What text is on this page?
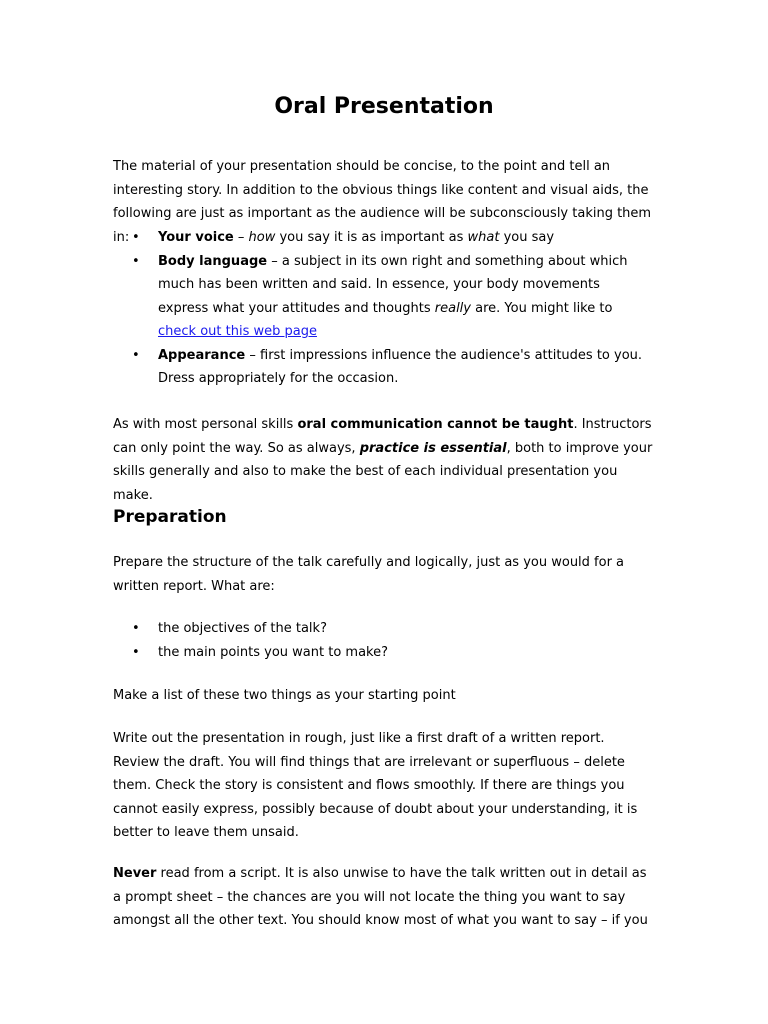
Oral Presentation

The material of your presentation should be concise, to the point and tell an interesting story. In addition to the obvious things like content and visual aids, the following are just as important as the audience will be subconsciously taking them in:

•	Your voice – how you say it is as important as what you say
• Body language – a subject in its own right and something about which much has been written and said. In essence, your body movements express what your attitudes and thoughts really are. You might like to check out this web page
• Appearance – first impressions influence the audience's attitudes to you. Dress appropriately for the occasion.

As with most personal skills oral communication cannot be taught. Instructors can only point the way. So as always, practice is essential, both to improve your skills generally and also to make the best of each individual presentation you make.

Preparation

Prepare the structure of the talk carefully and logically, just as you would for a written report. What are:

• the objectives of the talk?
• the main points you want to make?

Make a list of these two things as your starting point

Write out the presentation in rough, just like a first draft of a written report. Review the draft. You will find things that are irrelevant or superfluous – delete them. Check the story is consistent and flows smoothly. If there are things you cannot easily express, possibly because of doubt about your understanding, it is better to leave them unsaid.

Never read from a script. It is also unwise to have the talk written out in detail as a prompt sheet – the chances are you will not locate the thing you want to say amongst all the other text. You should know most of what you want to say – if you
